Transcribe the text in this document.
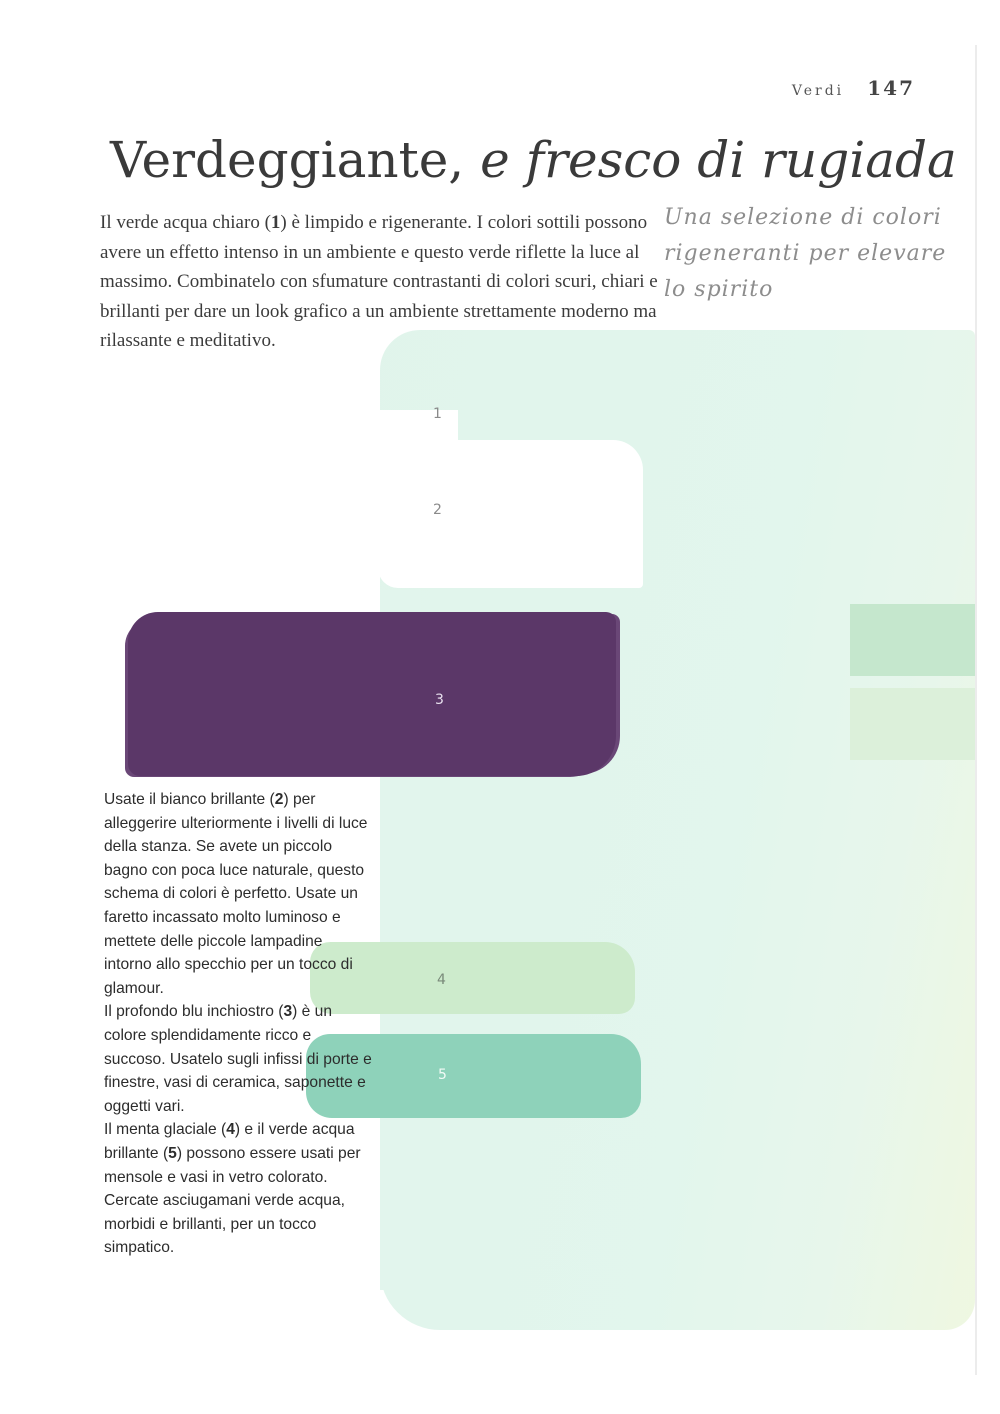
Verdi 147
Verdeggiante, e fresco di rugiada
Una selezione di colori rigeneranti per elevare lo spirito
Il verde acqua chiaro (1) è limpido e rigenerante. I colori sottili possono avere un effetto intenso in un ambiente e questo verde riflette la luce al massimo. Combinatelo con sfumature contrastanti di colori scuri, chiari e brillanti per dare un look grafico a un ambiente strettamente moderno ma rilassante e meditativo.
1
2
3
4
5
Usate il bianco brillante (2) per alleggerire ulteriormente i livelli di luce della stanza. Se avete un piccolo bagno con poca luce naturale, questo schema di colori è perfetto. Usate un faretto incassato molto luminoso e mettete delle piccole lampadine intorno allo specchio per un tocco di glamour.
Il profondo blu inchiostro (3) è un colore splendidamente ricco e succoso. Usatelo sugli infissi di porte e finestre, vasi di ceramica, saponette e oggetti vari.
Il menta glaciale (4) e il verde acqua brillante (5) possono essere usati per mensole e vasi in vetro colorato. Cercate asciugamani verde acqua, morbidi e brillanti, per un tocco simpatico.
